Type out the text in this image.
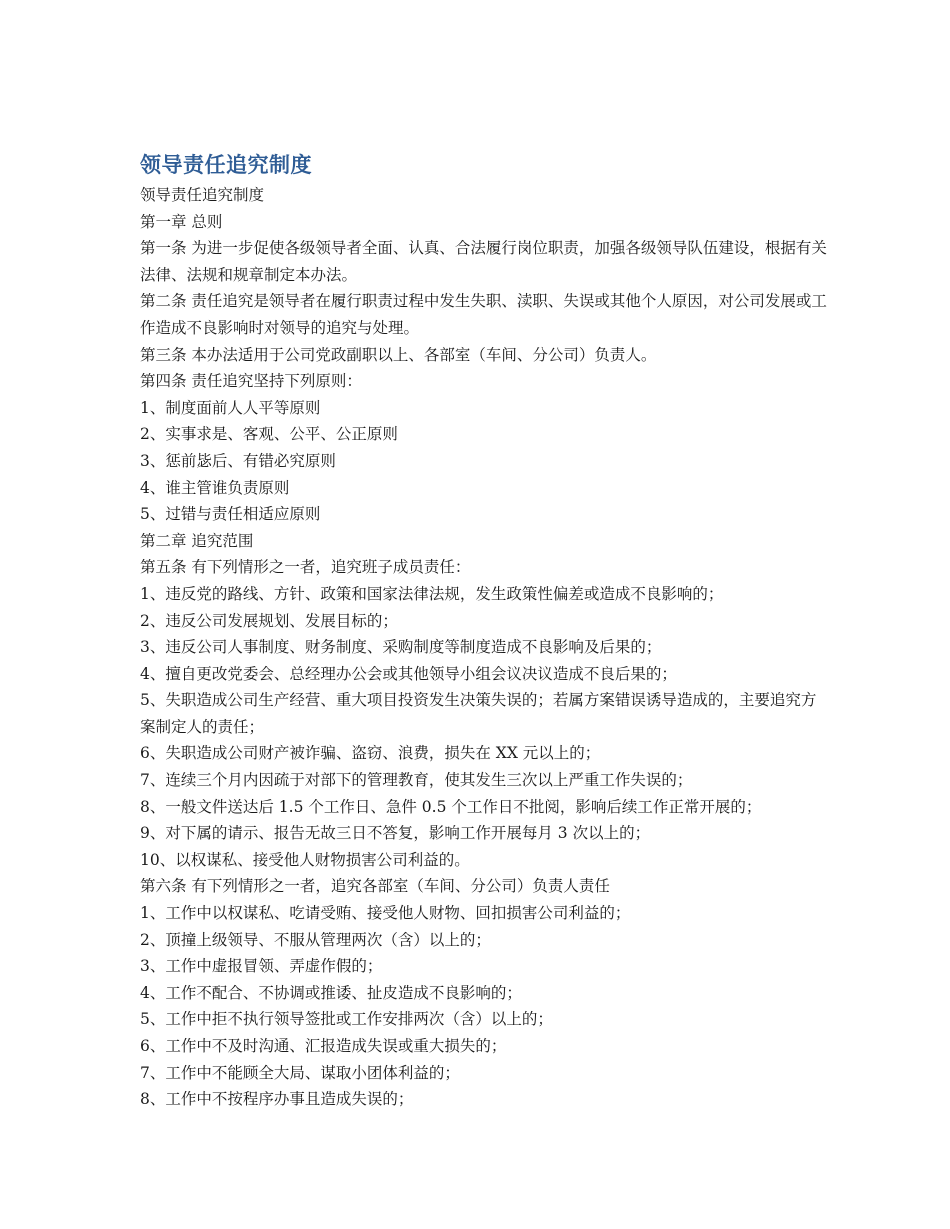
领导责任追究制度

领导责任追究制度

第一章 总则

第一条 为进一步促使各级领导者全面、认真、合法履行岗位职责，加强各级领导队伍建设，根据有关法律、法规和规章制定本办法。

第二条 责任追究是领导者在履行职责过程中发生失职、渎职、失误或其他个人原因，对公司发展或工作造成不良影响时对领导的追究与处理。

第三条 本办法适用于公司党政副职以上、各部室（车间、分公司）负责人。

第四条 责任追究坚持下列原则：

1、制度面前人人平等原则

2、实事求是、客观、公平、公正原则

3、惩前毖后、有错必究原则

4、谁主管谁负责原则

5、过错与责任相适应原则

第二章 追究范围

第五条 有下列情形之一者，追究班子成员责任：

1、违反党的路线、方针、政策和国家法律法规，发生政策性偏差或造成不良影响的；

2、违反公司发展规划、发展目标的；

3、违反公司人事制度、财务制度、采购制度等制度造成不良影响及后果的；

4、擅自更改党委会、总经理办公会或其他领导小组会议决议造成不良后果的；

5、失职造成公司生产经营、重大项目投资发生决策失误的；若属方案错误诱导造成的，主要追究方案制定人的责任；

6、失职造成公司财产被诈骗、盗窃、浪费，损失在 XX 元以上的；

7、连续三个月内因疏于对部下的管理教育，使其发生三次以上严重工作失误的；

8、一般文件送达后 1.5 个工作日、急件 0.5 个工作日不批阅，影响后续工作正常开展的；

9、对下属的请示、报告无故三日不答复，影响工作开展每月 3 次以上的；

10、以权谋私、接受他人财物损害公司利益的。

第六条 有下列情形之一者，追究各部室（车间、分公司）负责人责任

1、工作中以权谋私、吃请受贿、接受他人财物、回扣损害公司利益的；

2、顶撞上级领导、不服从管理两次（含）以上的；

3、工作中虚报冒领、弄虚作假的；

4、工作不配合、不协调或推诿、扯皮造成不良影响的；

5、工作中拒不执行领导签批或工作安排两次（含）以上的；

6、工作中不及时沟通、汇报造成失误或重大损失的；

7、工作中不能顾全大局、谋取小团体利益的；

8、工作中不按程序办事且造成失误的；
